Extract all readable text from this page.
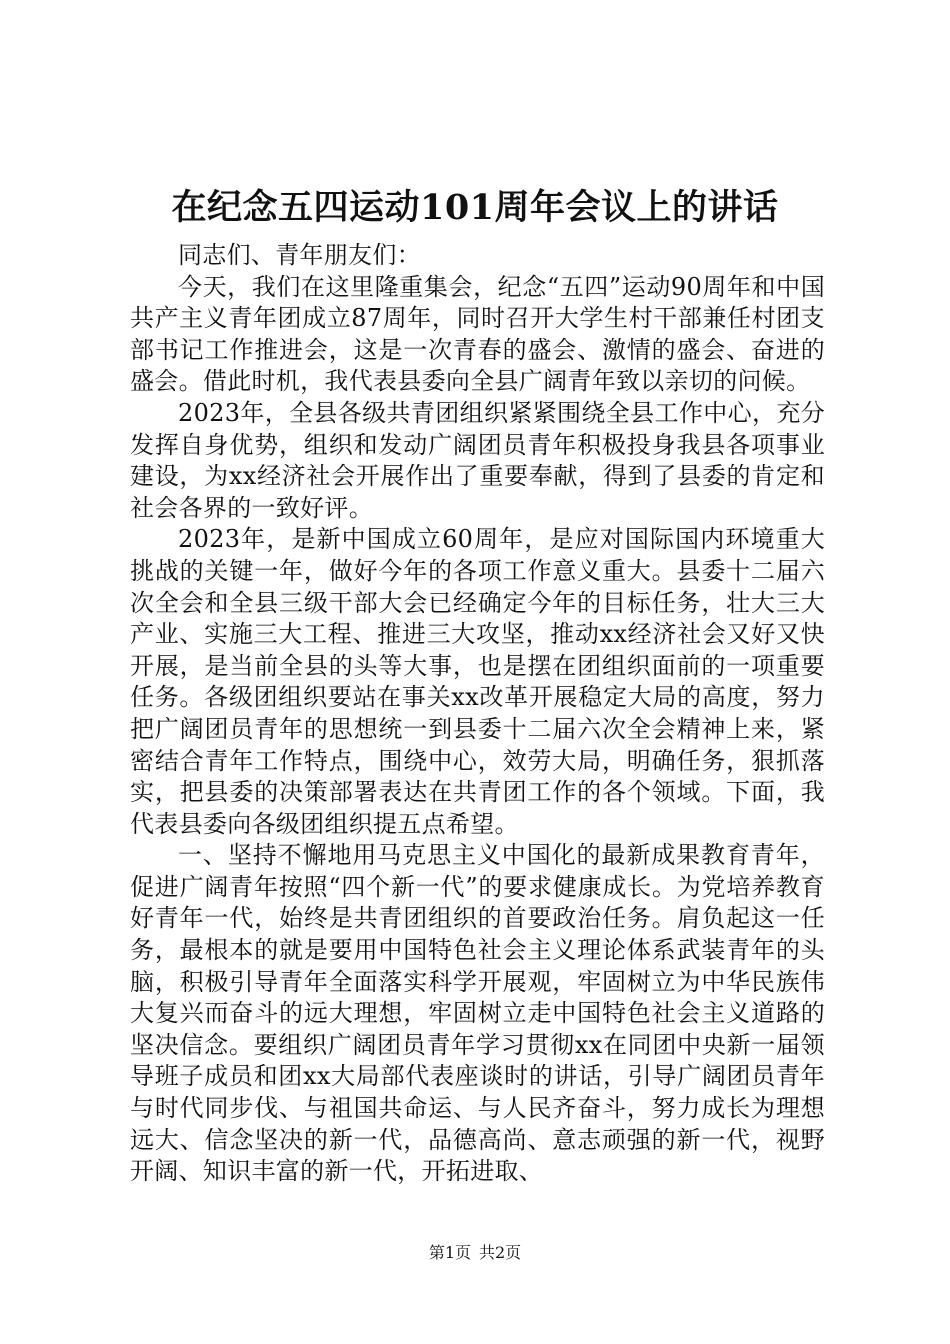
在纪念五四运动101周年会议上的讲话

同志们、青年朋友们：

今天，我们在这里隆重集会，纪念“五四”运动90周年和中国共产主义青年团成立87周年，同时召开大学生村干部兼任村团支部书记工作推进会，这是一次青春的盛会、激情的盛会、奋进的盛会。借此时机，我代表县委向全县广阔青年致以亲切的问候。

2023年，全县各级共青团组织紧紧围绕全县工作中心，充分发挥自身优势，组织和发动广阔团员青年积极投身我县各项事业建设，为xx经济社会开展作出了重要奉献，得到了县委的肯定和社会各界的一致好评。

2023年，是新中国成立60周年，是应对国际国内环境重大挑战的关键一年，做好今年的各项工作意义重大。县委十二届六次全会和全县三级干部大会已经确定今年的目标任务，壮大三大产业、实施三大工程、推进三大攻坚，推动xx经济社会又好又快开展，是当前全县的头等大事，也是摆在团组织面前的一项重要任务。各级团组织要站在事关xx改革开展稳定大局的高度，努力把广阔团员青年的思想统一到县委十二届六次全会精神上来，紧密结合青年工作特点，围绕中心，效劳大局，明确任务，狠抓落实，把县委的决策部署表达在共青团工作的各个领域。下面，我代表县委向各级团组织提五点希望。

一、坚持不懈地用马克思主义中国化的最新成果教育青年，促进广阔青年按照“四个新一代”的要求健康成长。为党培养教育好青年一代，始终是共青团组织的首要政治任务。肩负起这一任务，最根本的就是要用中国特色社会主义理论体系武装青年的头脑，积极引导青年全面落实科学开展观，牢固树立为中华民族伟大复兴而奋斗的远大理想，牢固树立走中国特色社会主义道路的坚决信念。要组织广阔团员青年学习贯彻xx在同团中央新一届领导班子成员和团xx大局部代表座谈时的讲话，引导广阔团员青年与时代同步伐、与祖国共命运、与人民齐奋斗，努力成长为理想远大、信念坚决的新一代，品德高尚、意志顽强的新一代，视野开阔、知识丰富的新一代，开拓进取、

第1页 共2页
